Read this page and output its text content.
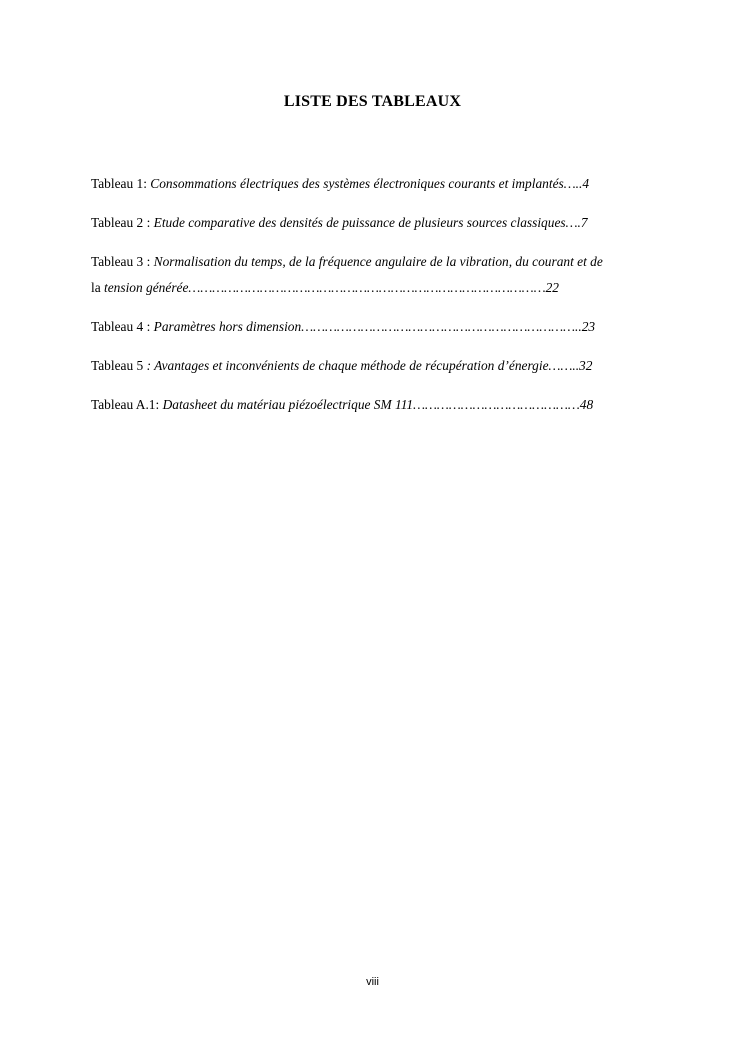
LISTE DES TABLEAUX
Tableau 1: Consommations électriques des systèmes électroniques courants et implantés…..4
Tableau 2 : Etude comparative des densités de puissance de plusieurs sources classiques….7
Tableau 3 : Normalisation du temps, de la fréquence angulaire de la vibration, du courant et de
la tension générée………………………………………………………………………………22
Tableau 4 : Paramètres hors dimension……………………………………………………………..23
Tableau 5 : Avantages et inconvénients de chaque méthode de récupération d’énergie……..32
Tableau A.1: Datasheet du matériau piézoélectrique SM 111……………………………………48
viii
